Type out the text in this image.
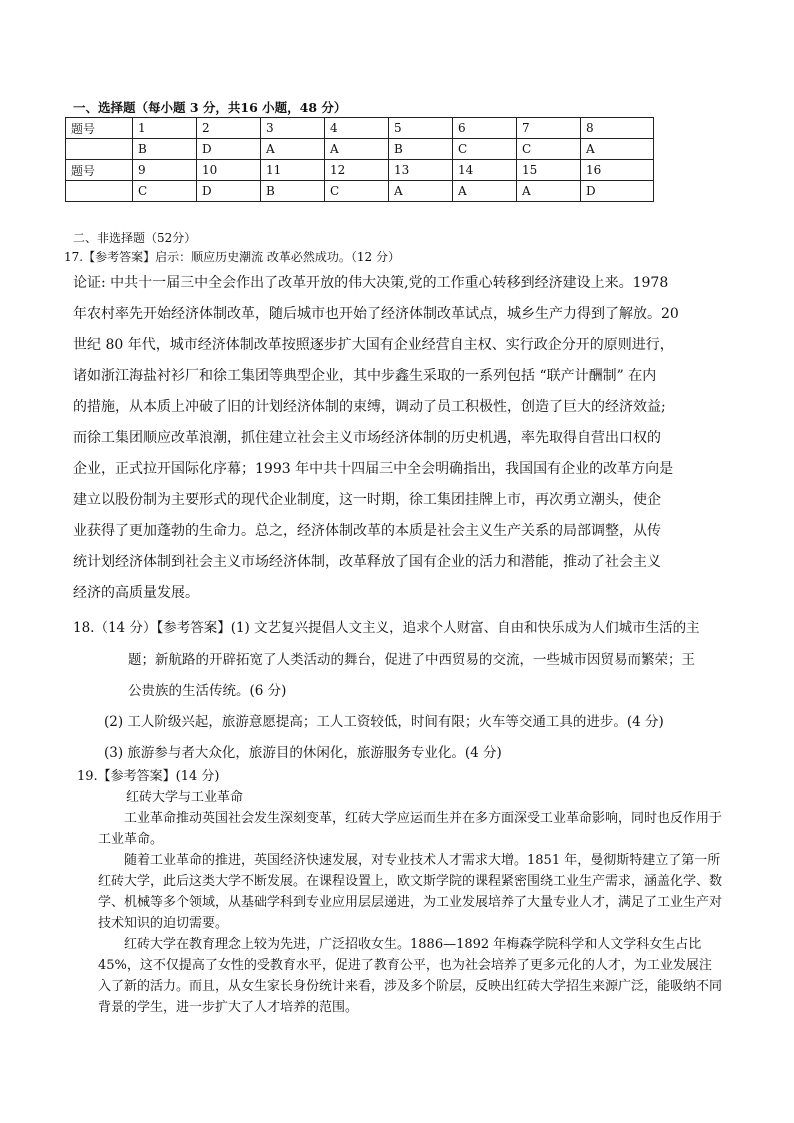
一、选择题（每小题 3 分，共16 小题，48 分）
题号	1	2	3	4	5	6	7	8
	B	D	A	A	B	C	C	A
题号	9	10	11	12	13	14	15	16
	C	D	B	C	A	A	A	D
二、非选择题（52分）
17.【参考答案】启示：顺应历史潮流 改革必然成功。（12 分）
论证: 中共十一届三中全会作出了改革开放的伟大决策,党的工作重心转移到经济建设上来。1978
年农村率先开始经济体制改革，随后城市也开始了经济体制改革试点，城乡生产力得到了解放。20
世纪 80 年代，城市经济体制改革按照逐步扩大国有企业经营自主权、实行政企分开的原则进行，
诸如浙江海盐衬衫厂和徐工集团等典型企业，其中步鑫生采取的一系列包括 “联产计酬制” 在内
的措施，从本质上冲破了旧的计划经济体制的束缚，调动了员工积极性，创造了巨大的经济效益;
而徐工集团顺应改革浪潮，抓住建立社会主义市场经济体制的历史机遇，率先取得自营出口权的
企业，正式拉开国际化序幕；1993 年中共十四届三中全会明确指出，我国国有企业的改革方向是
建立以股份制为主要形式的现代企业制度，这一时期，徐工集团挂牌上市，再次勇立潮头，使企
业获得了更加蓬勃的生命力。总之，经济体制改革的本质是社会主义生产关系的局部调整，从传
统计划经济体制到社会主义市场经济体制，改革释放了国有企业的活力和潜能，推动了社会主义
经济的高质量发展。
18.（14 分）【参考答案】(1) 文艺复兴提倡人文主义，追求个人财富、自由和快乐成为人们城市生活的主
题；新航路的开辟拓宽了人类活动的舞台，促进了中西贸易的交流，一些城市因贸易而繁荣；王
公贵族的生活传统。(6 分)
(2) 工人阶级兴起，旅游意愿提高；工人工资较低，时间有限；火车等交通工具的进步。(4 分)
(3) 旅游参与者大众化，旅游目的休闲化，旅游服务专业化。(4 分)
19.【参考答案】(14 分)
红砖大学与工业革命
工业革命推动英国社会发生深刻变革，红砖大学应运而生并在多方面深受工业革命影响，同时也反作用于工业革命。
随着工业革命的推进，英国经济快速发展，对专业技术人才需求大增。1851 年，曼彻斯特建立了第一所红砖大学，此后这类大学不断发展。在课程设置上，欧文斯学院的课程紧密围绕工业生产需求，涵盖化学、数学、机械等多个领域，从基础学科到专业应用层层递进，为工业发展培养了大量专业人才，满足了工业生产对技术知识的迫切需要。
红砖大学在教育理念上较为先进，广泛招收女生。1886—1892 年梅森学院科学和人文学科女生占比 45%，这不仅提高了女性的受教育水平，促进了教育公平，也为社会培养了更多元化的人才，为工业发展注入了新的活力。而且，从女生家长身份统计来看，涉及多个阶层，反映出红砖大学招生来源广泛，能吸纳不同背景的学生，进一步扩大了人才培养的范围。
